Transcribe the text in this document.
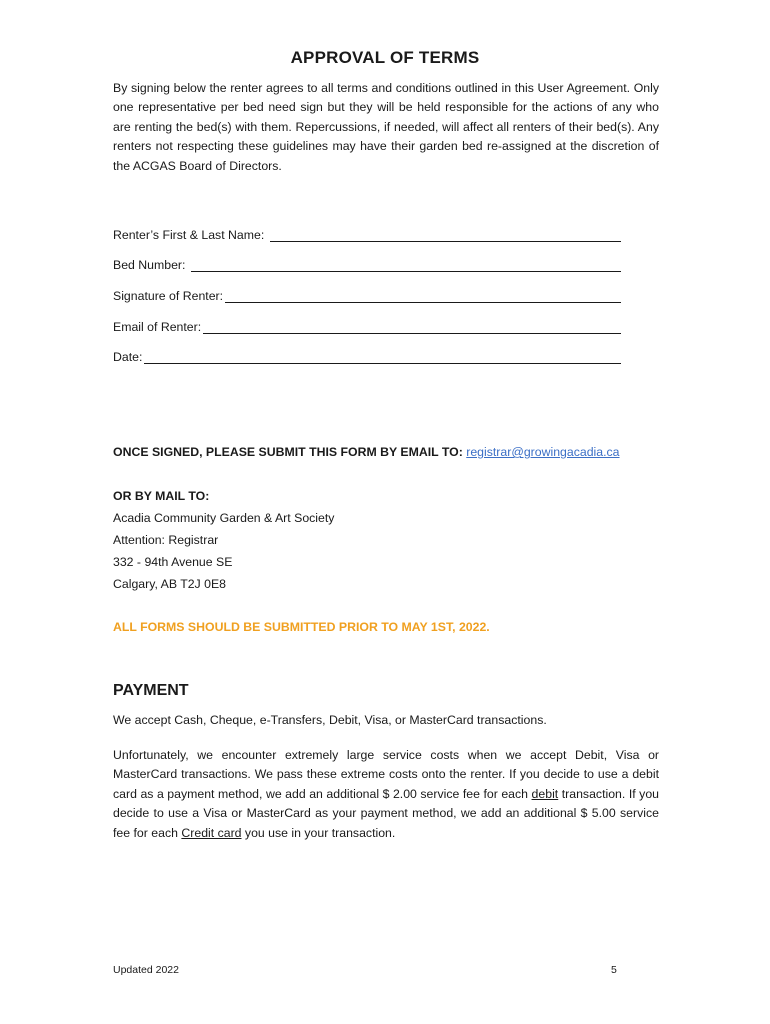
APPROVAL OF TERMS
By signing below the renter agrees to all terms and conditions outlined in this User Agreement. Only one representative per bed need sign but they will be held responsible for the actions of any who are renting the bed(s) with them. Repercussions, if needed, will affect all renters of their bed(s). Any renters not respecting these guidelines may have their garden bed re-assigned at the discretion of the ACGAS Board of Directors.
Renter’s First & Last Name:
Bed Number:
Signature of Renter:
Email of Renter:
Date:
ONCE SIGNED, PLEASE SUBMIT THIS FORM BY EMAIL TO: registrar@growingacadia.ca
OR BY MAIL TO:
Acadia Community Garden & Art Society
Attention: Registrar
332 - 94th Avenue SE
Calgary, AB T2J 0E8
ALL FORMS SHOULD BE SUBMITTED PRIOR TO MAY 1ST, 2022.
PAYMENT
We accept Cash, Cheque, e-Transfers, Debit, Visa, or MasterCard transactions.
Unfortunately, we encounter extremely large service costs when we accept Debit, Visa or MasterCard transactions. We pass these extreme costs onto the renter. If you decide to use a debit card as a payment method, we add an additional $ 2.00 service fee for each debit transaction. If you decide to use a Visa or MasterCard as your payment method, we add an additional $ 5.00 service fee for each Credit card you use in your transaction.
Updated 2022	5
